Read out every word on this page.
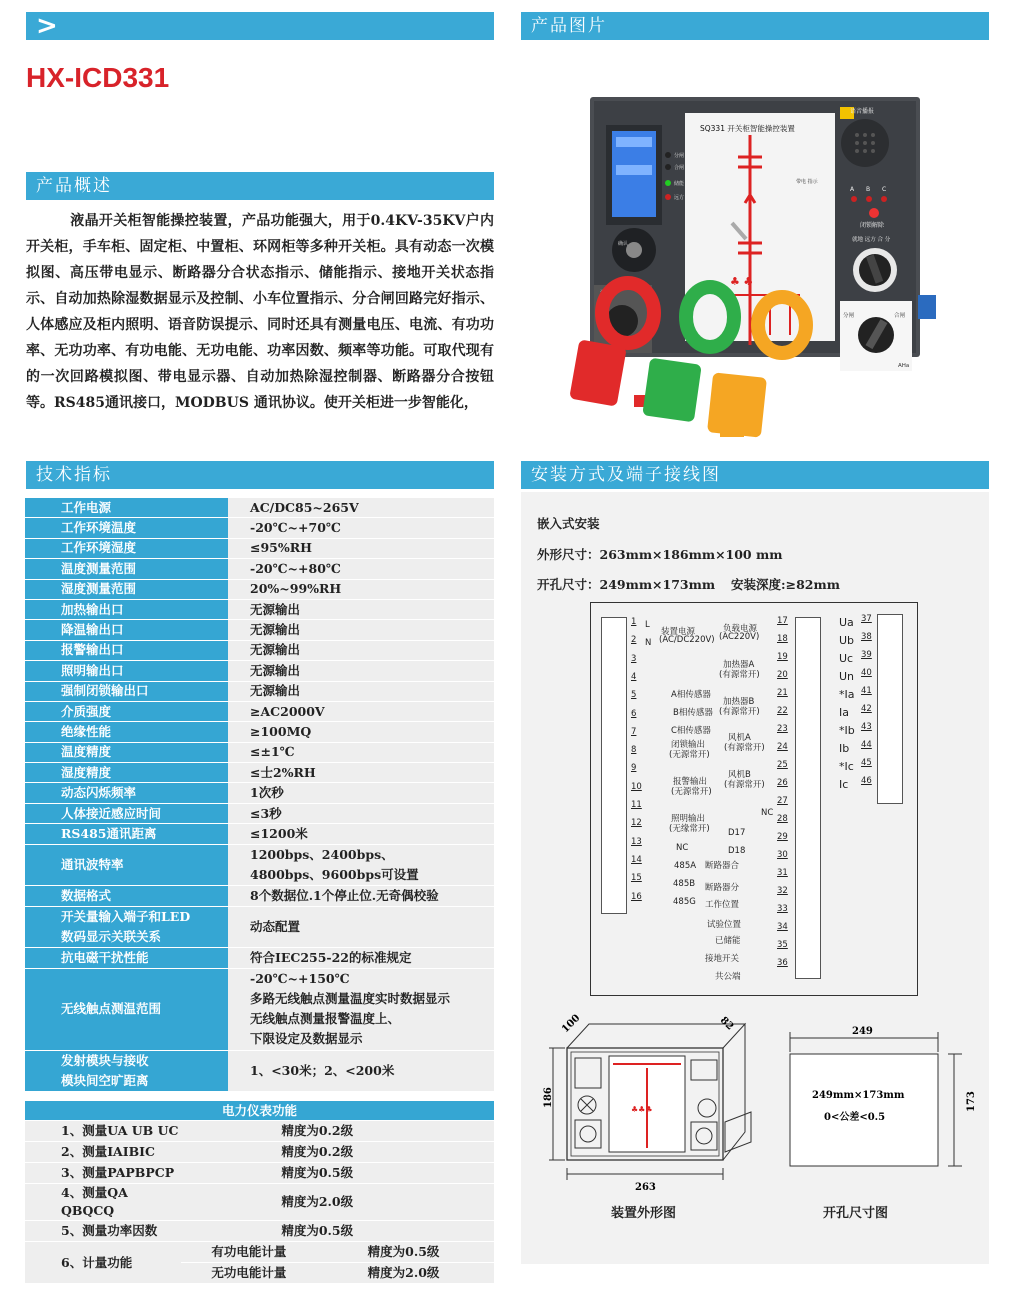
>	产品图片
HX-ICD331
产品概述
液晶开关柜智能操控装置，产品功能强大，用于0.4KV-35KV户内开关柜，手车柜、固定柜、中置柜、环网柜等多种开关柜。具有动态一次模拟图、高压带电显示、断路器分合状态指示、储能指示、接地开关状态指示、自动加热除湿数据显示及控制、小车位置指示、分合闸回路完好指示、人体感应及柜内照明、语音防误提示、同时还具有测量电压、电流、有功功率、无功功率、有功电能、无功电能、功率因数、频率等功能。可取代现有的一次回路模拟图、带电显示器、自动加热除湿控制器、断路器分合按钮等。RS485通讯接口，MODBUS 通讯协议。使开关柜进一步智能化，
分闸
合闸
储能
远方
确认
SQ331 开关柜智能操控装置
♣ ♣
带电 指示
语音播报
A B C
闭锁解除
就地 远方 合 分
分闸	合闸
AHa
温控
技术指标
工作电源	AC/DC85~265V

工作环境温度	-20℃~+70℃

工作环境湿度	≤95%RH

温度测量范围	-20℃~+80℃

湿度测量范围	20%~99%RH

加热输出口	无源输出

降温输出口	无源输出

报警输出口	无源输出

照明输出口	无源输出

强制闭锁输出口	无源输出

介质强度	≥AC2000V

绝缘性能	≥100MQ

温度精度	≤±1℃

湿度精度	≤士2%RH

动态闪烁频率	1次秒

人体接近感应时间	≤3秒

RS485通讯距离	≤1200米

通讯波特率	1200bps、2400bps、
4800bps、9600bps可设置

数据格式	8个数据位.1个停止位.无奇偶校验

开关量输入端子和LED
数码显示关联关系	动态配置

抗电磁干扰性能	符合IEC255-22的标准规定

无线触点测温范围	-20℃~+150℃
多路无线触点测量温度实时数据显示
无线触点测量报警温度上、
下限设定及数据显示

发射模块与接收
模块间空旷距离	1、<30米；2、<200米
电力仪表功能		
1、测量UA UB UC	精度为0.2级	
2、测量IAIBIC	精度为0.2级	
3、测量PAPBPCP	精度为0.5级	
4、测量QA QBQCQ	精度为2.0级	
5、测量功率因数	精度为0.5级	
6、计量功能	有功电能计量	精度为0.5级
	无功电能计量	精度为2.0级
安装方式及端子接线图
嵌入式安装
外形尺寸：263mm×186mm×100 mm
开孔尺寸：249mm×173mm 安装深度:≥82mm
1 L
2 N
3
4
5
6
7
8
9
10
11
12
13
14
15
16
装置电源
(AC/DC220V)
A相传感器
B相传感器
C相传感器
闭锁输出
(无源常开)
报警输出
(无源常开)
照明输出
(无缘常开)
NC
485A
485B
485G
17
18
19
20
21
22
23
24
25
26
27
28
29
30
31
32
33
34
35
36
负载电源
(AC220V)
加热器A
(有源常开)
加热器B
(有源常开)
风机A
(有源常开)
风机B
(有源常开)
NC
D17
D18
断路器合
断路器分
工作位置
试验位置
已储能
接地开关
共公端
Ua 37
Ub 38
Uc 39
Un 40
*Ia 41
Ia 42
*Ib 43
Ib 44
*Ic 45
Ic 46
♣♣♣
186
263
100	82
装置外形图
249
173
249mm×173mm
0<公差<0.5
开孔尺寸图
